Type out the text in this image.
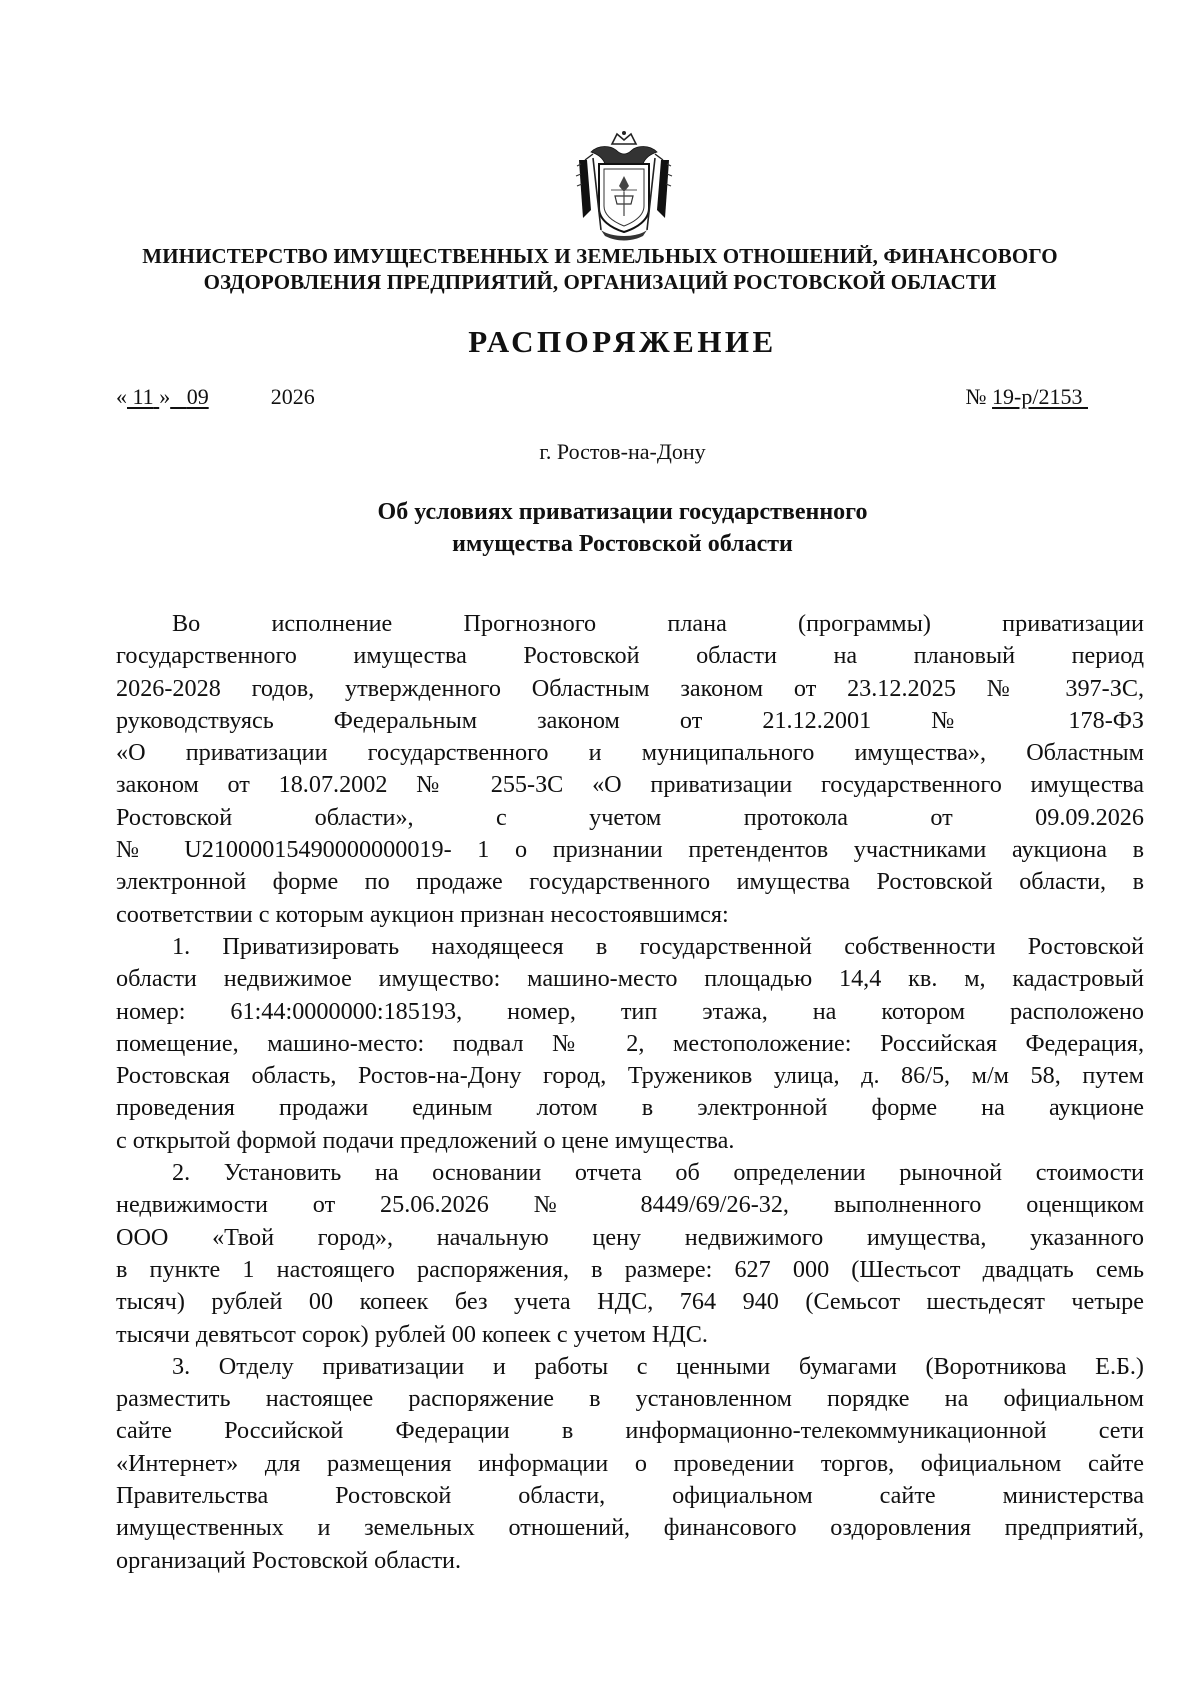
МИНИСТЕРСТВО ИМУЩЕСТВЕННЫХ И ЗЕМЕЛЬНЫХ ОТНОШЕНИЙ, ФИНАНСОВОГО
ОЗДОРОВЛЕНИЯ ПРЕДПРИЯТИЙ, ОРГАНИЗАЦИЙ РОСТОВСКОЙ ОБЛАСТИ
РАСПОРЯЖЕНИЕ
« 11 » 09	2026	№ 19-р/2153
г. Ростов-на-Дону
Об условиях приватизации государственного
имущества Ростовской области
Во исполнение Прогнозного плана (программы) приватизации
государственного имущества Ростовской области на плановый период
2026-2028 годов, утвержденного Областным законом от 23.12.2025 № 397-ЗС,
руководствуясь Федеральным законом от 21.12.2001 № 178-ФЗ
«О приватизации государственного и муниципального имущества», Областным
законом от 18.07.2002 № 255-ЗС «О приватизации государственного имущества
Ростовской области», с учетом протокола от 09.09.2026
№ U21000015490000000019- 1 о признании претендентов участниками аукциона в
электронной форме по продаже государственного имущества Ростовской области, в
соответствии с которым аукцион признан несостоявшимся:
1. Приватизировать находящееся в государственной собственности Ростовской
области недвижимое имущество: машино-место площадью 14,4 кв. м, кадастровый
номер: 61:44:0000000:185193, номер, тип этажа, на котором расположено
помещение, машино-место: подвал № 2, местоположение: Российская Федерация,
Ростовская область, Ростов-на-Дону город, Тружеников улица, д. 86/5, м/м 58, путем
проведения продажи единым лотом в электронной форме на аукционе
с открытой формой подачи предложений о цене имущества.
2. Установить на основании отчета об определении рыночной стоимости
недвижимости от 25.06.2026 № 8449/69/26-32, выполненного оценщиком
ООО «Твой город», начальную цену недвижимого имущества, указанного
в пункте 1 настоящего распоряжения, в размере: 627 000 (Шестьсот двадцать семь
тысяч) рублей 00 копеек без учета НДС, 764 940 (Семьсот шестьдесят четыре
тысячи девятьсот сорок) рублей 00 копеек с учетом НДС.
3. Отделу приватизации и работы с ценными бумагами (Воротникова Е.Б.)
разместить настоящее распоряжение в установленном порядке на официальном
сайте Российской Федерации в информационно-телекоммуникационной сети
«Интернет» для размещения информации о проведении торгов, официальном сайте
Правительства Ростовской области, официальном сайте министерства
имущественных и земельных отношений, финансового оздоровления предприятий,
организаций Ростовской области.
